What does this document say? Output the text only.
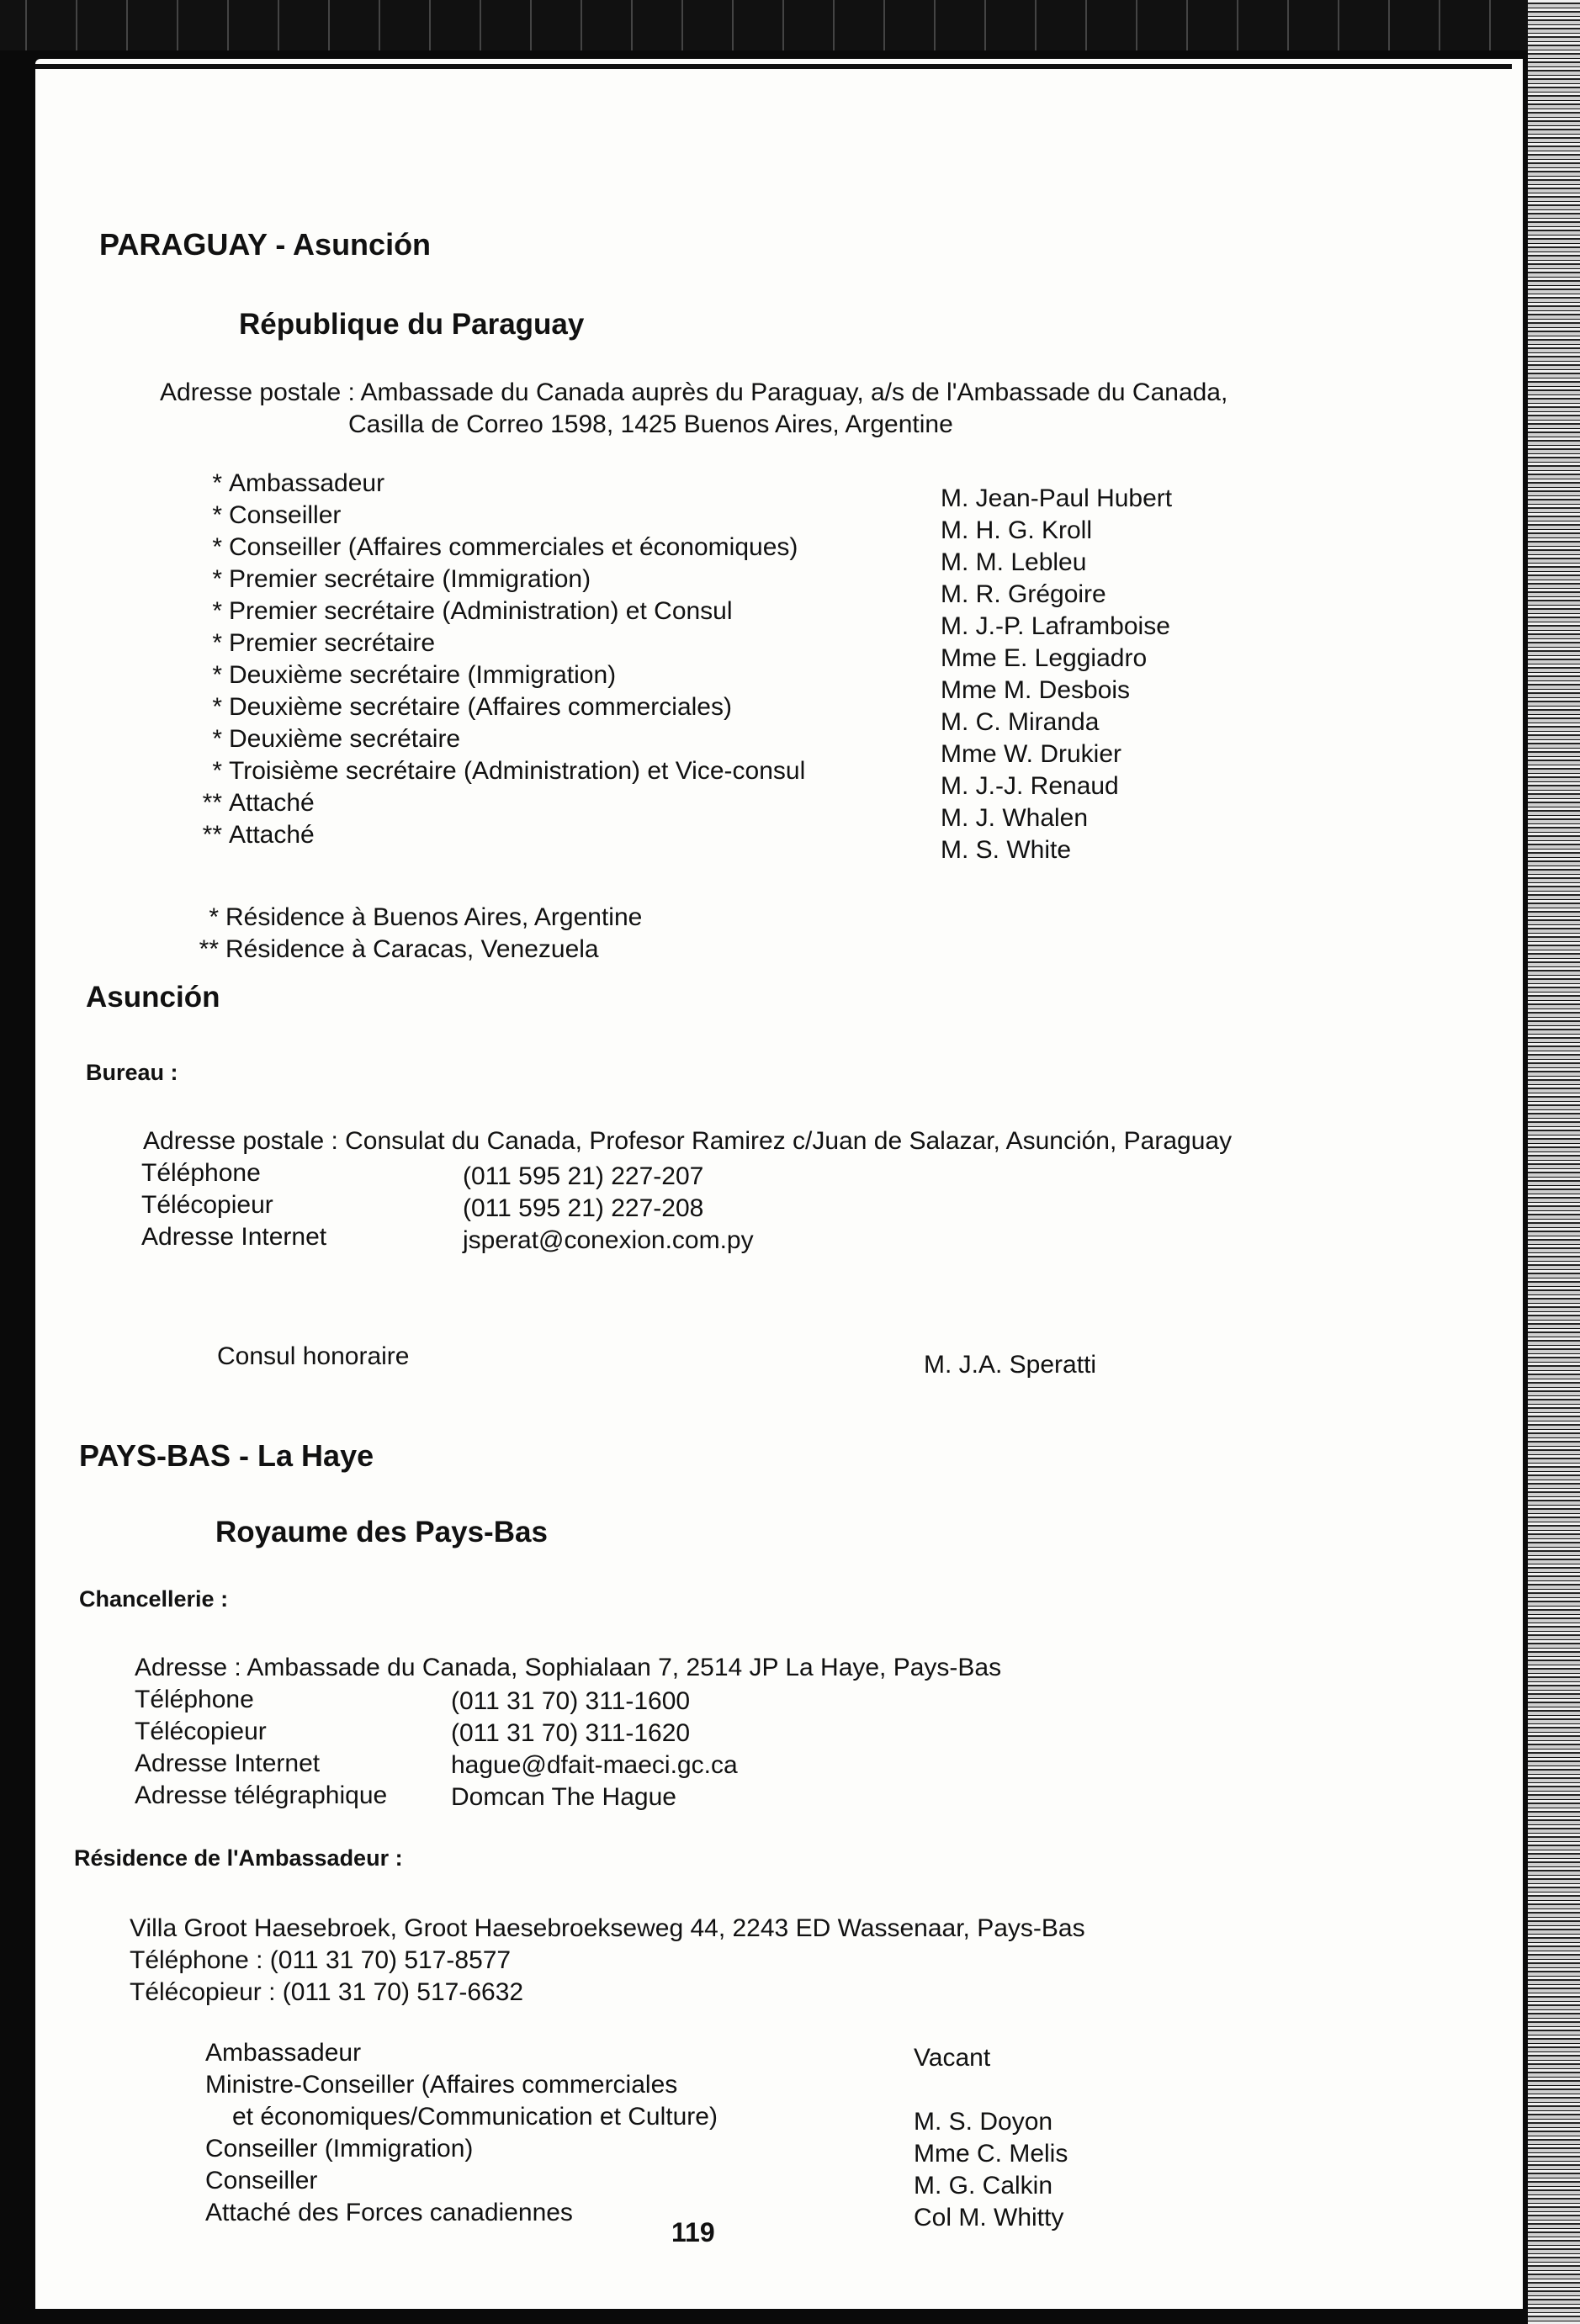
PARAGUAY - Asunción
République du Paraguay
Adresse postale : Ambassade du Canada auprès du Paraguay, a/s de l'Ambassade du Canada,
Casilla de Correo 1598, 1425 Buenos Aires, Argentine
* Ambassadeur
* Conseiller
* Conseiller (Affaires commerciales et économiques)
* Premier secrétaire (Immigration)
* Premier secrétaire (Administration) et Consul
* Premier secrétaire
* Deuxième secrétaire (Immigration)
* Deuxième secrétaire (Affaires commerciales)
* Deuxième secrétaire
* Troisième secrétaire (Administration) et Vice-consul
** Attaché
** Attaché
M. Jean-Paul Hubert
M. H. G. Kroll
M. M. Lebleu
M. R. Grégoire
M. J.-P. Laframboise
Mme E. Leggiadro
Mme M. Desbois
M. C. Miranda
Mme W. Drukier
M. J.-J. Renaud
M. J. Whalen
M. S. White
* Résidence à Buenos Aires, Argentine
** Résidence à Caracas, Venezuela
Asunción
Bureau :
Adresse postale : Consulat du Canada, Profesor Ramirez c/Juan de Salazar, Asunción, Paraguay
Téléphone
Télécopieur
Adresse Internet
(011 595 21) 227-207
(011 595 21) 227-208
jsperat@conexion.com.py
Consul honoraire	M. J.A. Speratti
PAYS-BAS - La Haye
Royaume des Pays-Bas
Chancellerie :
Adresse : Ambassade du Canada, Sophialaan 7, 2514 JP La Haye, Pays-Bas
Téléphone
Télécopieur
Adresse Internet
Adresse télégraphique
(011 31 70) 311-1600
(011 31 70) 311-1620
hague@dfait-maeci.gc.ca
Domcan The Hague
Résidence de l'Ambassadeur :
Villa Groot Haesebroek, Groot Haesebroekseweg 44, 2243 ED Wassenaar, Pays-Bas
Téléphone : (011 31 70) 517-8577
Télécopieur : (011 31 70) 517-6632
Ambassadeur
Ministre-Conseiller (Affaires commerciales
et économiques/Communication et Culture)
Conseiller (Immigration)
Conseiller
Attaché des Forces canadiennes
Vacant

M. S. Doyon
Mme C. Melis
M. G. Calkin
Col M. Whitty
119
